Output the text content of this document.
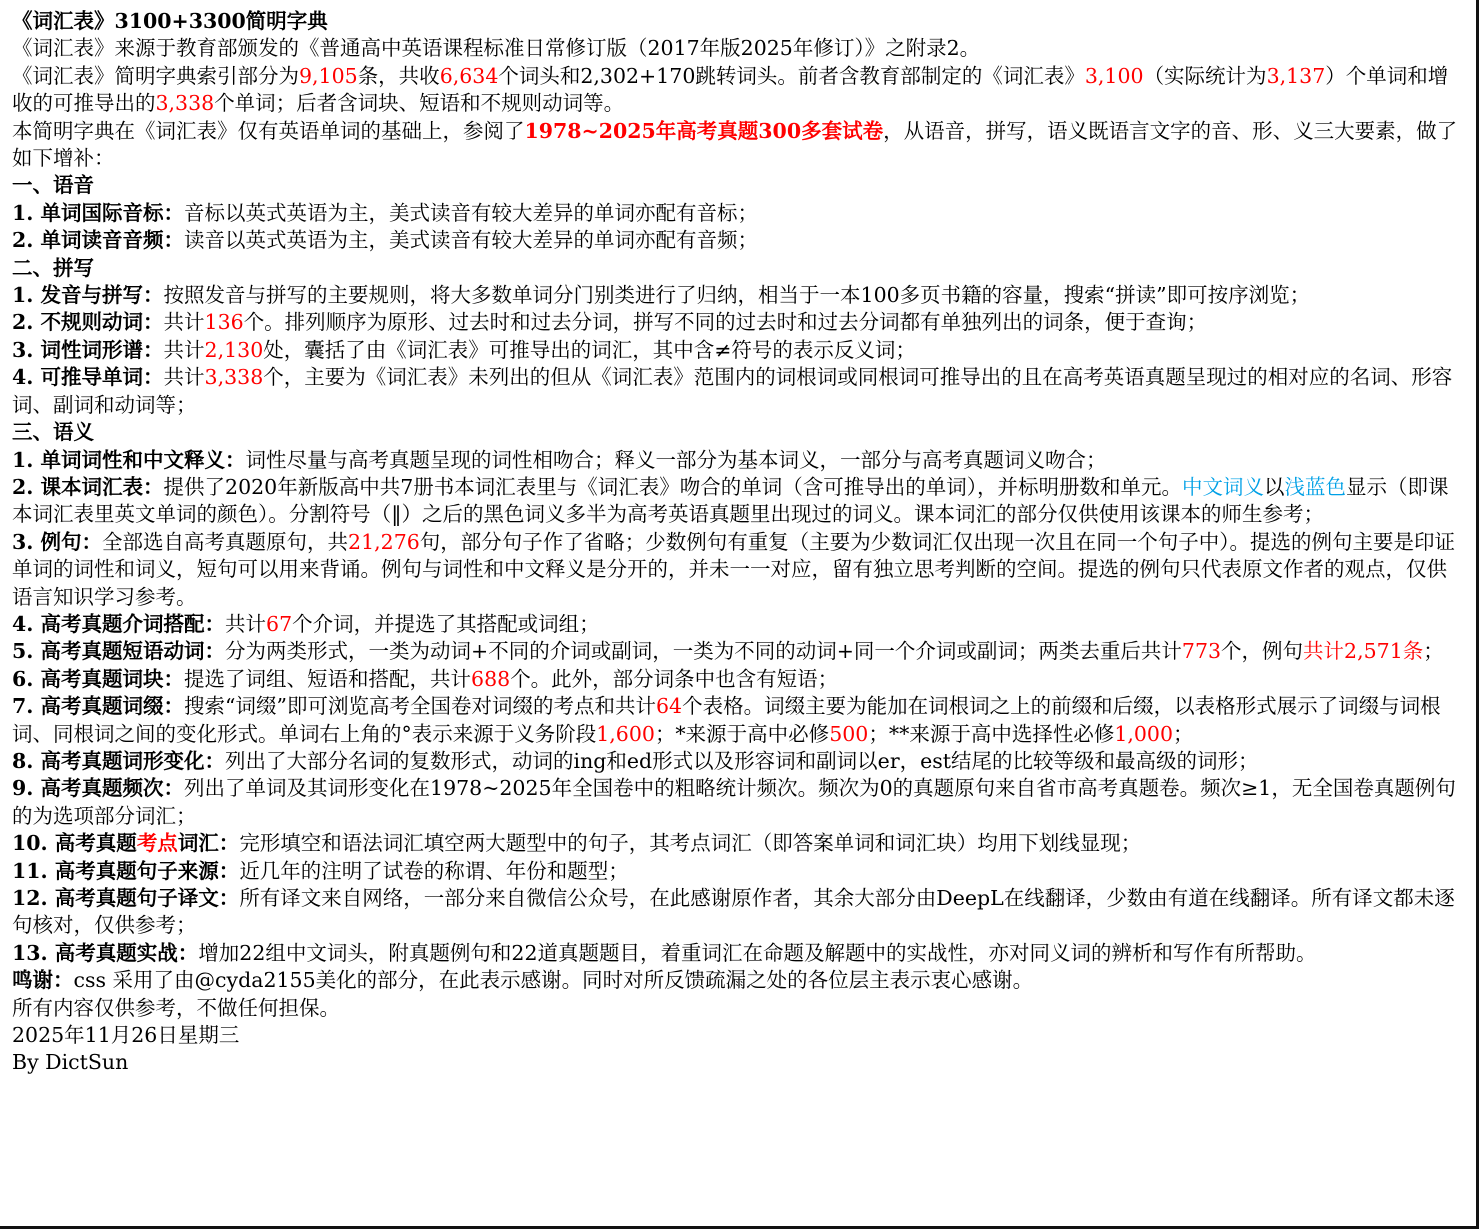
《词汇表》3100+3300简明字典
《词汇表》来源于教育部颁发的《普通高中英语课程标准日常修订版（2017年版2025年修订）》之附录2。
《词汇表》简明字典索引部分为9,105条，共收6,634个词头和2,302+170跳转词头。前者含教育部制定的《词汇表》3,100（实际统计为3,137）个单词和增收的可推导出的3,338个单词；后者含词块、短语和不规则动词等。
本简明字典在《词汇表》仅有英语单词的基础上，参阅了1978~2025年高考真题300多套试卷，从语音，拼写，语义既语言文字的音、形、义三大要素，做了如下增补：
一、语音
1. 单词国际音标：音标以英式英语为主，美式读音有较大差异的单词亦配有音标；
2. 单词读音音频：读音以英式英语为主，美式读音有较大差异的单词亦配有音频；
二、拼写
1. 发音与拼写：按照发音与拼写的主要规则，将大多数单词分门别类进行了归纳，相当于一本100多页书籍的容量，搜索“拼读”即可按序浏览；
2. 不规则动词：共计136个。排列顺序为原形、过去时和过去分词，拼写不同的过去时和过去分词都有单独列出的词条，便于查询；
3. 词性词形谱：共计2,130处，囊括了由《词汇表》可推导出的词汇，其中含≠符号的表示反义词；
4. 可推导单词：共计3,338个，主要为《词汇表》未列出的但从《词汇表》范围内的词根词或同根词可推导出的且在高考英语真题呈现过的相对应的名词、形容词、副词和动词等；
三、语义
1. 单词词性和中文释义：词性尽量与高考真题呈现的词性相吻合；释义一部分为基本词义，一部分与高考真题词义吻合；
2. 课本词汇表：提供了2020年新版高中共7册书本词汇表里与《词汇表》吻合的单词（含可推导出的单词），并标明册数和单元。中文词义以浅蓝色显示（即课本词汇表里英文单词的颜色）。分割符号（‖）之后的黑色词义多半为高考英语真题里出现过的词义。课本词汇的部分仅供使用该课本的师生参考；
3. 例句：全部选自高考真题原句，共21,276句，部分句子作了省略；少数例句有重复（主要为少数词汇仅出现一次且在同一个句子中）。提选的例句主要是印证单词的词性和词义，短句可以用来背诵。例句与词性和中文释义是分开的，并未一一对应，留有独立思考判断的空间。提选的例句只代表原文作者的观点，仅供语言知识学习参考。
4. 高考真题介词搭配：共计67个介词，并提选了其搭配或词组；
5. 高考真题短语动词：分为两类形式，一类为动词+不同的介词或副词，一类为不同的动词+同一个介词或副词；两类去重后共计773个，例句共计2,571条；
6. 高考真题词块：提选了词组、短语和搭配，共计688个。此外，部分词条中也含有短语；
7. 高考真题词缀：搜索“词缀”即可浏览高考全国卷对词缀的考点和共计64个表格。词缀主要为能加在词根词之上的前缀和后缀，以表格形式展示了词缀与词根词、同根词之间的变化形式。单词右上角的°表示来源于义务阶段1,600；*来源于高中必修500；**来源于高中选择性必修1,000；
8. 高考真题词形变化：列出了大部分名词的复数形式，动词的ing和ed形式以及形容词和副词以er，est结尾的比较等级和最高级的词形；
9. 高考真题频次：列出了单词及其词形变化在1978~2025年全国卷中的粗略统计频次。频次为0的真题原句来自省市高考真题卷。频次≥1，无全国卷真题例句的为选项部分词汇；
10. 高考真题考点词汇：完形填空和语法词汇填空两大题型中的句子，其考点词汇（即答案单词和词汇块）均用下划线显现；
11. 高考真题句子来源：近几年的注明了试卷的称谓、年份和题型；
12. 高考真题句子译文：所有译文来自网络，一部分来自微信公众号，在此感谢原作者，其余大部分由DeepL在线翻译，少数由有道在线翻译。所有译文都未逐句核对，仅供参考；
13. 高考真题实战：增加22组中文词头，附真题例句和22道真题题目，着重词汇在命题及解题中的实战性，亦对同义词的辨析和写作有所帮助。
鸣谢：css 采用了由@cyda2155美化的部分，在此表示感谢。同时对所反馈疏漏之处的各位层主表示衷心感谢。
所有内容仅供参考，不做任何担保。
2025年11月26日星期三
By DictSun
